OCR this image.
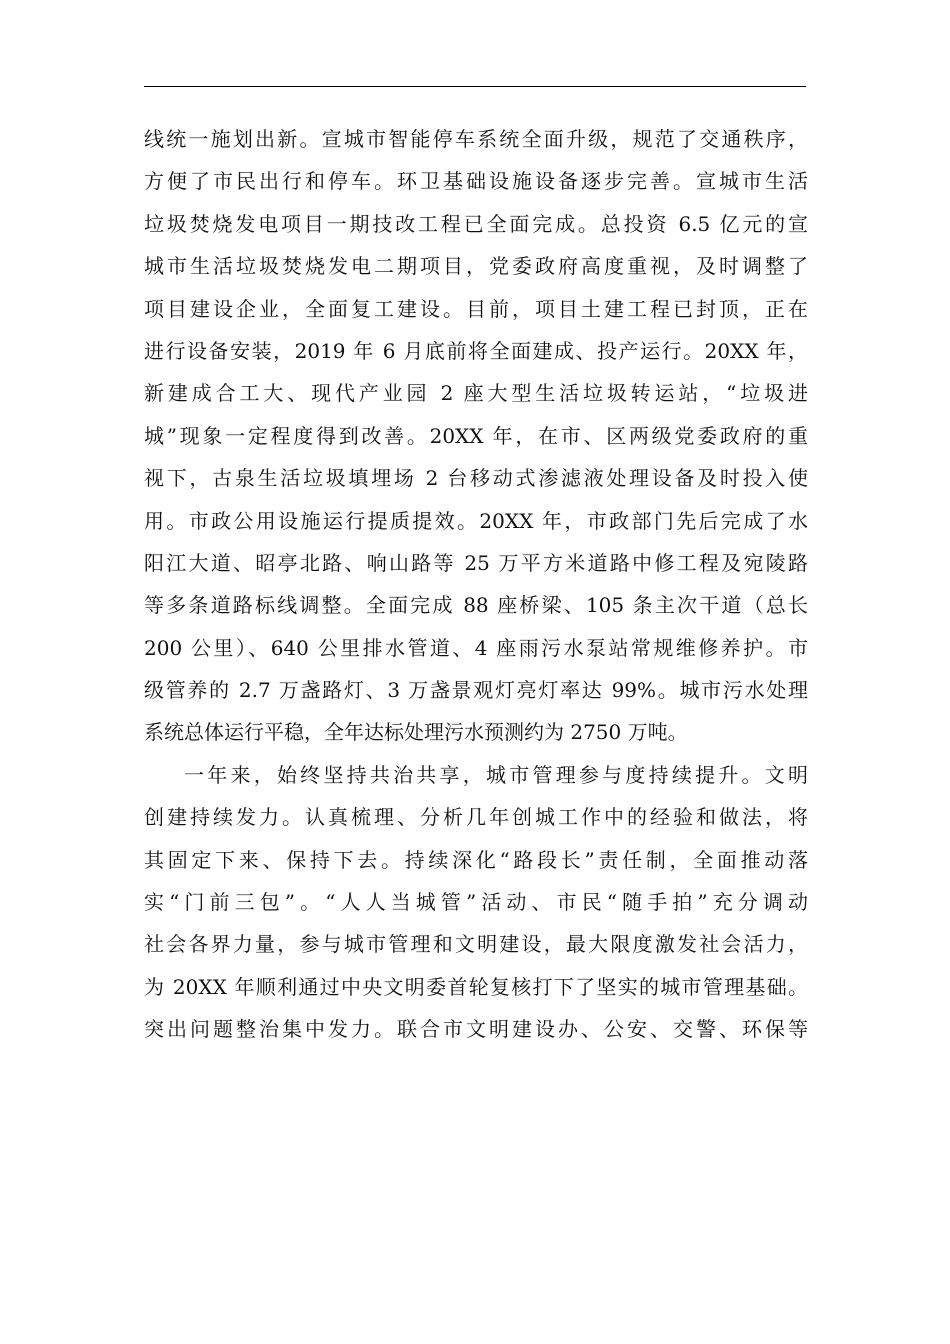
线统一施划出新。宣城市智能停车系统全面升级，规范了交通秩序，
方便了市民出行和停车。环卫基础设施设备逐步完善。宣城市生活
垃圾焚烧发电项目一期技改工程已全面完成。总投资 6.5 亿元的宣
城市生活垃圾焚烧发电二期项目，党委政府高度重视，及时调整了
项目建设企业，全面复工建设。目前，项目土建工程已封顶，正在
进行设备安装，2019 年 6 月底前将全面建成、投产运行。20XX 年，
新建成合工大、现代产业园 2 座大型生活垃圾转运站，“垃圾进
城”现象一定程度得到改善。20XX 年，在市、区两级党委政府的重
视下，古泉生活垃圾填埋场 2 台移动式渗滤液处理设备及时投入使
用。市政公用设施运行提质提效。20XX 年，市政部门先后完成了水
阳江大道、昭亭北路、响山路等 25 万平方米道路中修工程及宛陵路
等多条道路标线调整。全面完成 88 座桥梁、105 条主次干道（总长
200 公里）、640 公里排水管道、4 座雨污水泵站常规维修养护。市
级管养的 2.7 万盏路灯、3 万盏景观灯亮灯率达 99%。城市污水处理
系统总体运行平稳，全年达标处理污水预测约为 2750 万吨。

一年来，始终坚持共治共享，城市管理参与度持续提升。文明
创建持续发力。认真梳理、分析几年创城工作中的经验和做法，将
其固定下来、保持下去。持续深化“路段长”责任制，全面推动落
实“门前三包”。“人人当城管”活动、市民“随手拍”充分调动
社会各界力量，参与城市管理和文明建设，最大限度激发社会活力，
为 20XX 年顺利通过中央文明委首轮复核打下了坚实的城市管理基础。
突出问题整治集中发力。联合市文明建设办、公安、交警、环保等
